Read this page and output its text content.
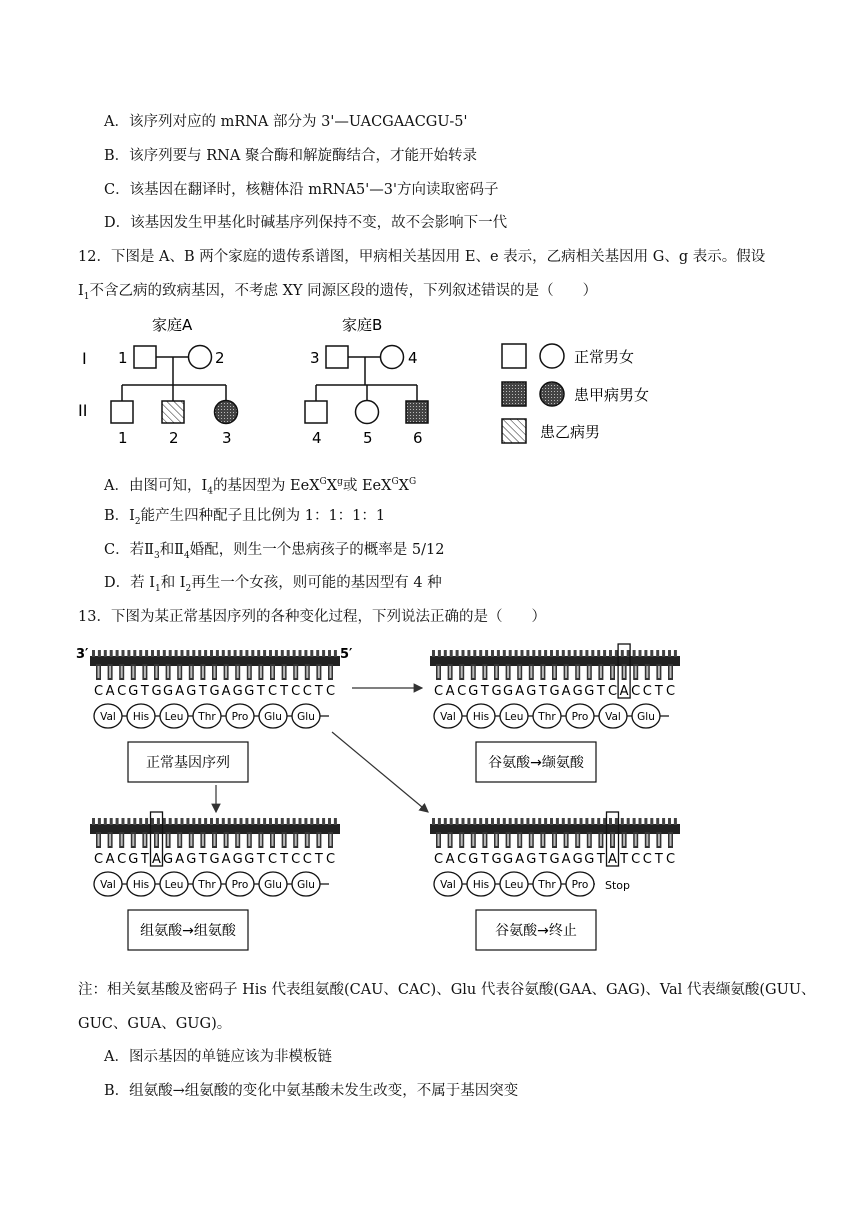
A．该序列对应的 mRNA 部分为 3'—UACGAACGU-5'
B．该序列要与 RNA 聚合酶和解旋酶结合，才能开始转录
C．该基因在翻译时，核糖体沿 mRNA5'—3'方向读取密码子
D．该基因发生甲基化时碱基序列保持不变，故不会影响下一代
12．下图是 A、B 两个家庭的遗传系谱图，甲病相关基因用 E、e 表示，乙病相关基因用 G、g 表示。假设
$I_1$不含乙病的致病基因，不考虑 XY 同源区段的遗传，下列叙述错误的是（　　）
家庭A	家庭B
I
II
1	2
1	2	3
3	4
4	5	6
正常男女
患甲病男女
患乙病男
A．由图可知，$I_4$的基因型为 $EeX^GX^g$或 $EeX^GX^G$
B．$I_2$能产生四种配子且比例为 1：1：1：1
C．若$Ⅱ_3$和$Ⅱ_4$婚配，则生一个患病孩子的概率是 5/12
D．若 $I_1$和 $I_2$再生一个女孩，则可能的基因型有 4 种
13．下图为某正常基因序列的各种变化过程，下列说法正确的是（　　）
3′	5′
C A C G T G G A G T G A G G T C T C C T C
Val His Leu Thr Pro Glu Glu
正常基因序列
C A C G T G G A G T G A G G T C A C C T C
Val His Leu Thr Pro Val Glu
谷氨酸→缬氨酸
C A C G T A G A G T G A G G T C T C C T C
Val His Leu Thr Pro Glu Glu
组氨酸→组氨酸
C A C G T G G A G T G A G G T A T C C T C
Val His Leu Thr Pro Stop
谷氨酸→终止
注：相关氨基酸及密码子 His 代表组氨酸(CAU、CAC)、Glu 代表谷氨酸(GAA、GAG)、Val 代表缬氨酸(GUU、
GUC、GUA、GUG)。
A．图示基因的单链应该为非模板链
B．组氨酸→组氨酸的变化中氨基酸未发生改变，不属于基因突变
